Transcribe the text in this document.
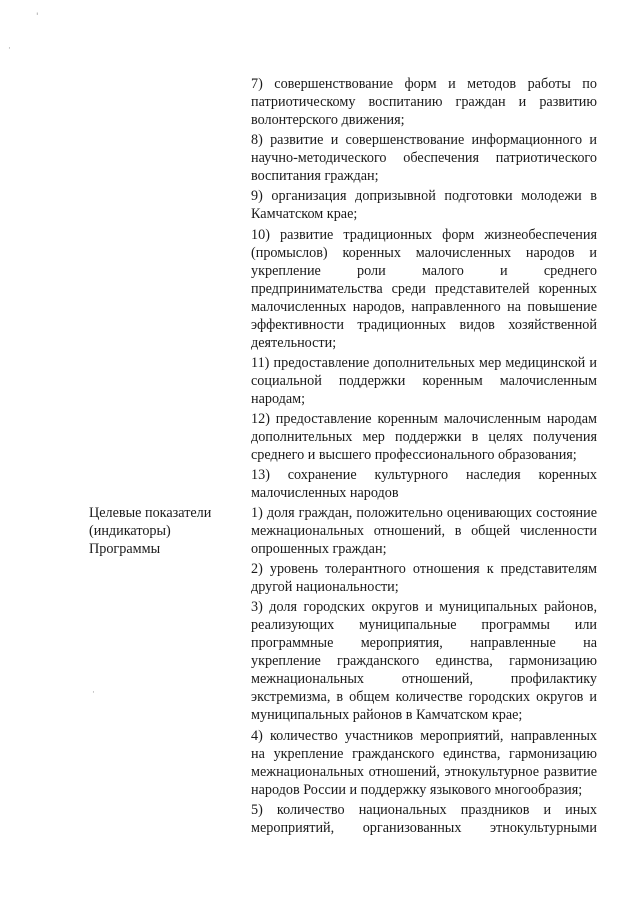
'
·

7) совершенствование форм и методов работы по патриотическому воспитанию граждан и развитию волонтерского движения;

8) развитие и совершенствование информационного и научно-методического обеспечения патриотического воспитания граждан;

9) организация допризывной подготовки молодежи в Камчатском крае;

10) развитие традиционных форм жизнеобеспечения (промыслов) коренных малочисленных народов и укрепление роли малого и среднего предпринимательства среди представителей коренных малочисленных народов, направленного на повышение эффективности традиционных видов хозяйственной деятельности;

11) предоставление дополнительных мер медицинской и социальной поддержки коренным малочисленным народам;

12) предоставление коренным малочисленным народам дополнительных мер поддержки в целях получения среднего и высшего профессионального образования;

13) сохранение культурного наследия коренных малочисленных народов

Целевые показатели (индикаторы) Программы

1) доля граждан, положительно оценивающих состояние межнациональных отношений, в общей численности опрошенных граждан;

2) уровень толерантного отношения к представителям другой национальности;

3) доля городских округов и муниципальных районов, реализующих муниципальные программы или программные мероприятия, направленные на укрепление гражданского единства, гармонизацию межнациональных отношений, профилактику экстремизма, в общем количестве городских округов и муниципальных районов в Камчатском крае;

4) количество участников мероприятий, направленных на укрепление гражданского единства, гармонизацию межнациональных отношений, этнокультурное развитие народов России и поддержку языкового многообразия;

5) количество национальных праздников и иных мероприятий, организованных этнокультурными

·
